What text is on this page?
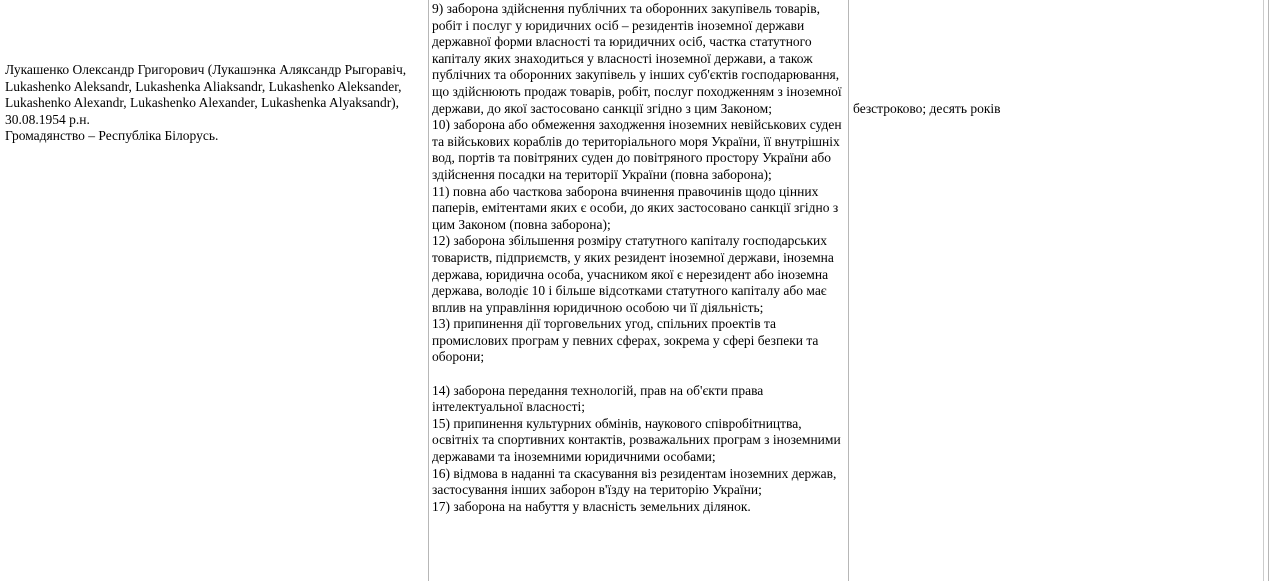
Лукашенко Олександр Григорович (Лукашэнка Аляксандр Рыгоравіч, Lukashenko Aleksandr, Lukashenka Aliaksandr, Lukashenko Aleksander, Lukashenko Alexandr, Lukashenko Alexander, Lukashenka Alyaksandr), 30.08.1954 р.н.

Громадянство – Республіка Білорусь.

9) заборона здійснення публічних та оборонних закупівель товарів, робіт і послуг у юридичних осіб – резидентів іноземної держави державної форми власності та юридичних осіб, частка статутного капіталу яких знаходиться у власності іноземної держави, а також публічних та оборонних закупівель у інших суб'єктів господарювання, що здійснюють продаж товарів, робіт, послуг походженням з іноземної держави, до якої застосовано санкції згідно з цим Законом;

10) заборона або обмеження заходження іноземних невійськових суден та військових кораблів до територіального моря України, її внутрішніх вод, портів та повітряних суден до повітряного простору України або здійснення посадки на території України (повна заборона);

11) повна або часткова заборона вчинення правочинів щодо цінних паперів, емітентами яких є особи, до яких застосовано санкції згідно з цим Законом (повна заборона);

12) заборона збільшення розміру статутного капіталу господарських товариств, підприємств, у яких резидент іноземної держави, іноземна держава, юридична особа, учасником якої є нерезидент або іноземна держава, володіє 10 і більше відсотками статутного капіталу або має вплив на управління юридичною особою чи її діяльність;

13) припинення дії торговельних угод, спільних проектів та промислових програм у певних сферах, зокрема у сфері безпеки та оборони;

14) заборона передання технологій, прав на об'єкти права інтелектуальної власності;

15) припинення культурних обмінів, наукового співробітництва, освітніх та спортивних контактів, розважальних програм з іноземними державами та іноземними юридичними особами;

16) відмова в наданні та скасування віз резидентам іноземних держав, застосування інших заборон в'їзду на територію України;

17) заборона на набуття у власність земельних ділянок.

безстроково; десять років
